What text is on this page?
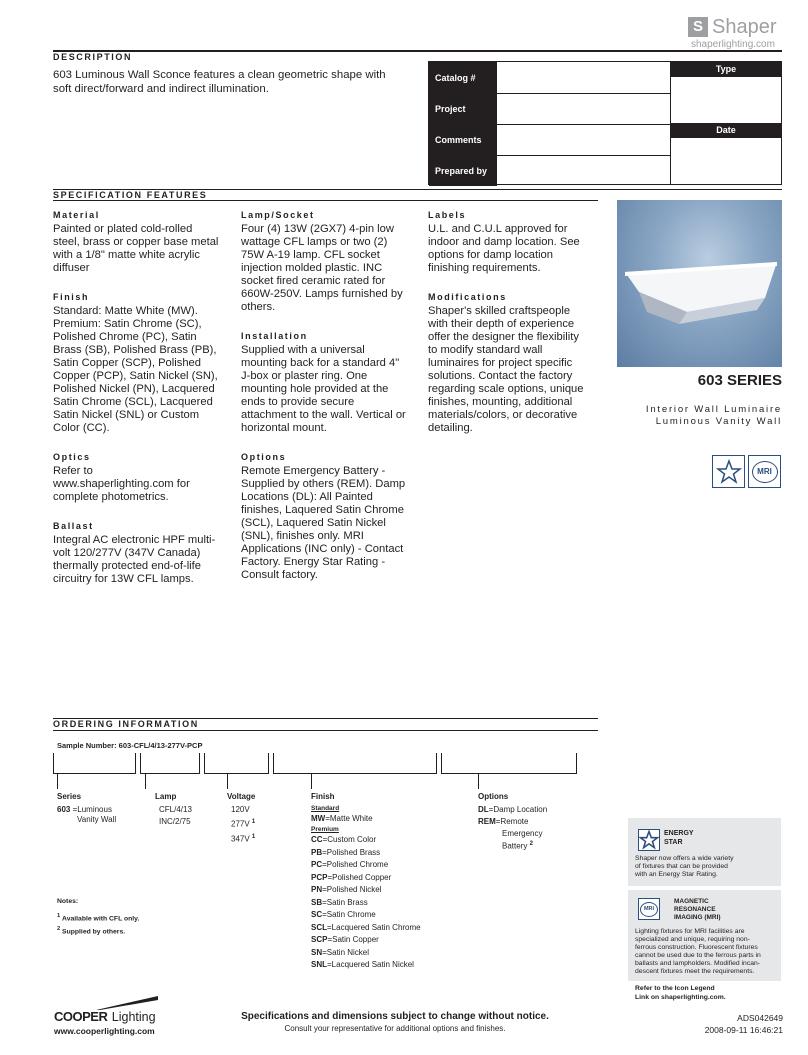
S Shaper
shaperlighting.com
DESCRIPTION
603 Luminous Wall Sconce features a clean geometric shape with soft direct/forward and indirect illumination.
Catalog #
Project
Comments
Prepared by
Type
Date
SPECIFICATION FEATURES
Material

Painted or plated cold-rolled
steel, brass or copper base metal
with a 1/8" matte white acrylic
diffuser

Finish

Standard: Matte White (MW).
Premium: Satin Chrome (SC),
Polished Chrome (PC), Satin
Brass (SB), Polished Brass (PB),
Satin Copper (SCP), Polished
Copper (PCP), Satin Nickel (SN),
Polished Nickel (PN), Lacquered
Satin Chrome (SCL), Lacquered
Satin Nickel (SNL) or Custom
Color (CC).

Optics

Refer to
www.shaperlighting.com for
complete photometrics.

Ballast

Integral AC electronic HPF multi-
volt 120/277V (347V Canada)
thermally protected end-of-life
circuitry for 13W CFL lamps.

Lamp/Socket

Four (4) 13W (2GX7) 4-pin low
wattage CFL lamps or two (2)
75W A-19 lamp. CFL socket
injection molded plastic. INC
socket fired ceramic rated for
660W-250V. Lamps furnished by
others.

Installation

Supplied with a universal
mounting back for a standard 4"
J-box or plaster ring. One
mounting hole provided at the
ends to provide secure
attachment to the wall. Vertical or
horizontal mount.

Options

Remote Emergency Battery -
Supplied by others (REM). Damp
Locations (DL): All Painted
finishes, Laquered Satin Chrome
(SCL), Laquered Satin Nickel
(SNL), finishes only. MRI
Applications (INC only) - Contact
Factory. Energy Star Rating -
Consult factory.

Labels

U.L. and C.U.L approved for
indoor and damp location. See
options for damp location
finishing requirements.

Modifications

Shaper's skilled craftspeople
with their depth of experience
offer the designer the flexibility
to modify standard wall
luminaires for project specific
solutions. Contact the factory
regarding scale options, unique
finishes, mounting, additional
materials/colors, or decorative
detailing.

603 SERIES
Interior Wall Luminaire
Luminous Vanity Wall
MRI
ORDERING INFORMATION
Sample Number: 603-CFL/4/13-277V-PCP
Series
603 =Luminous
Vanity Wall
Lamp
CFL/4/13
INC/2/75
Voltage
120V
277V $^1$
347V $^1$
Finish
Standard
MW=Matte White
Premium
CC=Custom Color
PB=Polished Brass
PC=Polished Chrome
PCP=Polished Copper
PN=Polished Nickel
SB=Satin Brass
SC=Satin Chrome
SCL=Lacquered Satin Chrome
SCP=Satin Copper
SN=Satin Nickel
SNL=Lacquered Satin Nickel
Options
DL=Damp Location
REM=Remote
Emergency
Battery $^2$
Notes:
$^1$ Available with CFL only.
$^2$ Supplied by others.
ENERGY
STAR
Shaper now offers a wide variety
of fixtures that can be provided
with an Energy Star Rating.
MRI
MAGNETIC
RESONANCE
IMAGING (MRI)
Lighting fixtures for MRI facilities are
specialized and unique, requiring non-
ferrous construction. Fluorescent fixtures
cannot be used due to the ferrous parts in
ballasts and lampholders. Modified incan-
descent fixtures meet the requirements.
Refer to the Icon Legend
Link on shaperlighting.com.
COOPER Lighting
www.cooperlighting.com
Specifications and dimensions subject to change without notice.
Consult your representative for additional options and finishes.
ADS042649
2008-09-11 16:46:21
